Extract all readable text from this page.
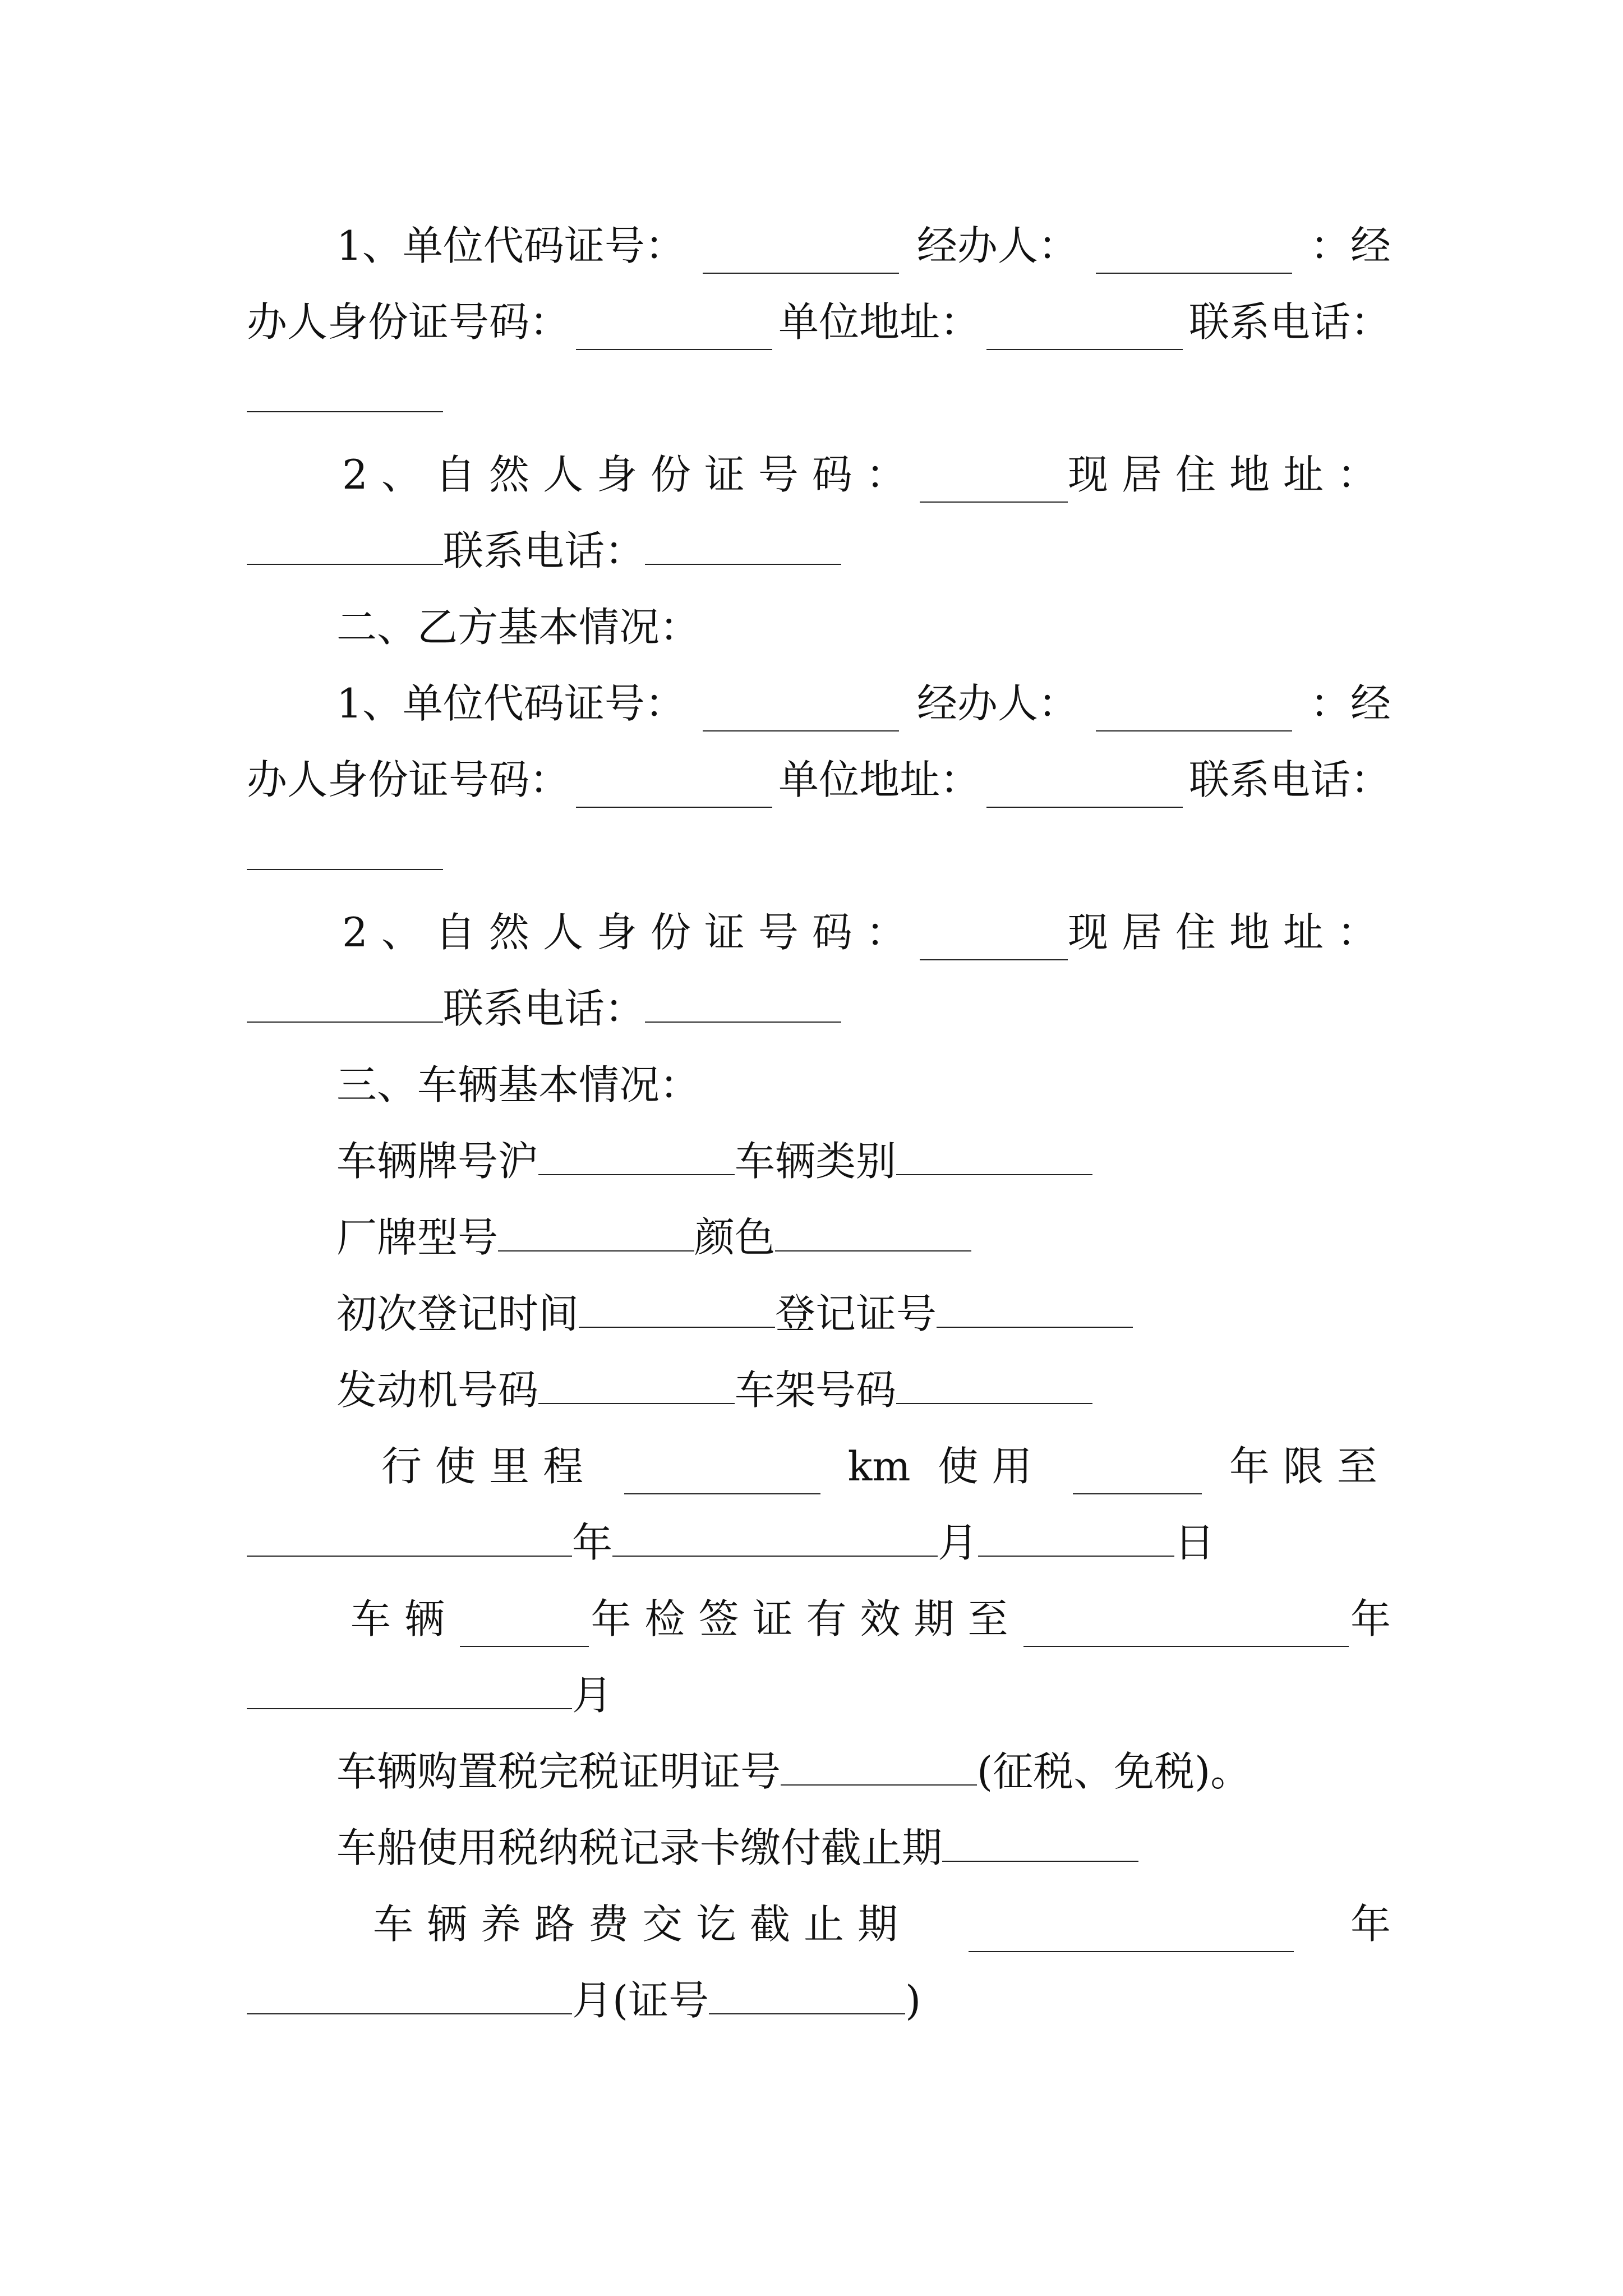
1、单位代码证号：	经办人：	：经
办人身份证号码：	单位地址：	联系电话：
2、自然人身份证号码：	现居住地址：
联系电话：
二、乙方基本情况：
1、单位代码证号：	经办人：	：经
办人身份证号码：	单位地址：	联系电话：
2、自然人身份证号码：	现居住地址：
联系电话：
三、车辆基本情况：
车辆牌号沪	车辆类别
厂牌型号	颜色
初次登记时间	登记证号
发动机号码	车架号码
行使里程	km 使用	年限至
年	月	日
车辆	年检签证有效期至	年
月
车辆购置税完税证明证号	(征税、免税)。
车船使用税纳税记录卡缴付截止期
车辆养路费交讫截止期	年
月(证号	)
